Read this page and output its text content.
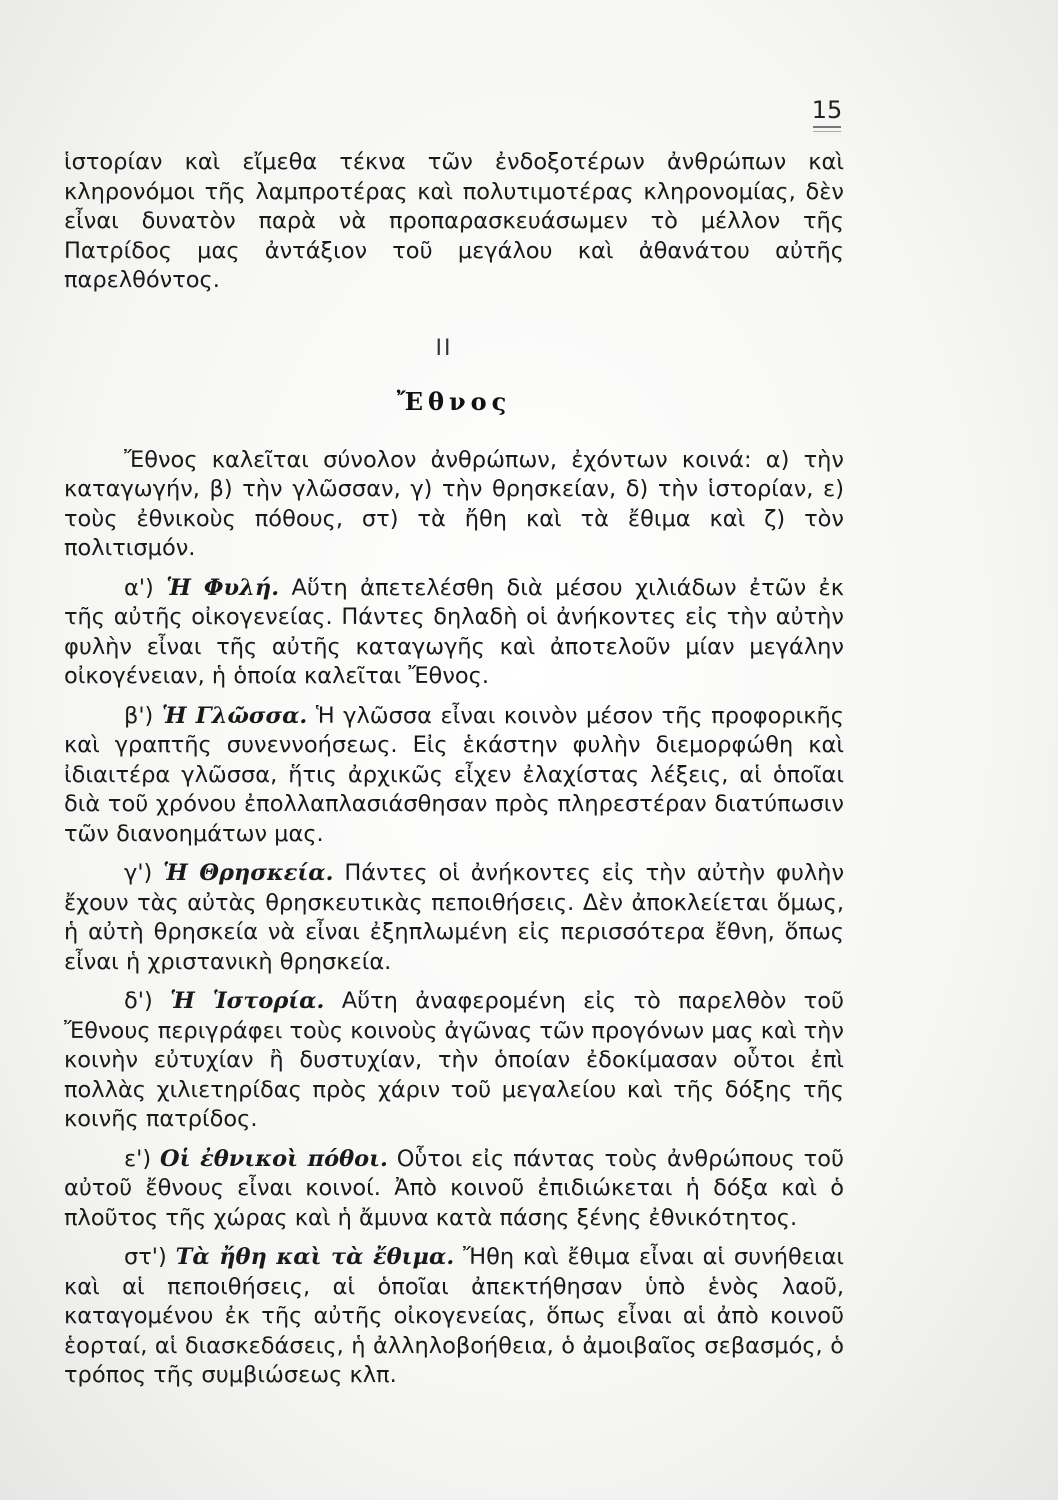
15

ἱστορίαν καὶ εἴμεθα τέκνα τῶν ἐνδοξοτέρων ἀνθρώπων καὶ κληρονόμοι τῆς λαμπροτέρας καὶ πολυτιμοτέρας κληρονομίας, δὲν εἶναι δυνατὸν παρὰ νὰ προπαρασκευάσωμεν τὸ μέλλον τῆς Πατρίδος μας ἀντάξιον τοῦ μεγάλου καὶ ἀθανάτου αὐτῆς παρελθόντος.

II
Ἔθνος

Ἔθνος καλεῖται σύνολον ἀνθρώπων, ἐχόντων κοινά: α) τὴν καταγωγήν, β) τὴν γλῶσσαν, γ) τὴν θρησκείαν, δ) τὴν ἱστορίαν, ε) τοὺς ἐθνικοὺς πόθους, στ) τὰ ἤθη καὶ τὰ ἔθιμα καὶ ζ) τὸν πολιτισμόν.

α') Ἡ Φυλή. Αὕτη ἀπετελέσθη διὰ μέσου χιλιάδων ἐτῶν ἐκ τῆς αὐτῆς οἰκογενείας. Πάντες δηλαδὴ οἱ ἀνήκοντες εἰς τὴν αὐτὴν φυλὴν εἶναι τῆς αὐτῆς καταγωγῆς καὶ ἀποτελοῦν μίαν μεγάλην οἰκογένειαν, ἡ ὁποία καλεῖται Ἔθνος.

β') Ἡ Γλῶσσα. Ἡ γλῶσσα εἶναι κοινὸν μέσον τῆς προφορικῆς καὶ γραπτῆς συνεννοήσεως. Εἰς ἑκάστην φυλὴν διεμορφώθη καὶ ἰδιαιτέρα γλῶσσα, ἥτις ἀρχικῶς εἶχεν ἐλαχίστας λέξεις, αἱ ὁποῖαι διὰ τοῦ χρόνου ἐπολλαπλασιάσθησαν πρὸς πληρεστέραν διατύπωσιν τῶν διανοημάτων μας.

γ') Ἡ Θρησκεία. Πάντες οἱ ἀνήκοντες εἰς τὴν αὐτὴν φυλὴν ἔχουν τὰς αὐτὰς θρησκευτικὰς πεποιθήσεις. Δὲν ἀποκλείεται ὅμως, ἡ αὐτὴ θρησκεία νὰ εἶναι ἐξηπλωμένη εἰς περισσότερα ἔθνη, ὅπως εἶναι ἡ χριστανικὴ θρησκεία.

δ') Ἡ Ἱστορία. Αὕτη ἀναφερομένη εἰς τὸ παρελθὸν τοῦ Ἔθνους περιγράφει τοὺς κοινοὺς ἀγῶνας τῶν προγόνων μας καὶ τὴν κοινὴν εὐτυχίαν ἢ δυστυχίαν, τὴν ὁποίαν ἐδοκίμασαν οὗτοι ἐπὶ πολλὰς χιλιετηρίδας πρὸς χάριν τοῦ μεγαλείου καὶ τῆς δόξης τῆς κοινῆς πατρίδος.

ε') Οἱ ἐθνικοὶ πόθοι. Οὗτοι εἰς πάντας τοὺς ἀνθρώπους τοῦ αὐτοῦ ἔθνους εἶναι κοινοί. Ἀπὸ κοινοῦ ἐπιδιώκεται ἡ δόξα καὶ ὁ πλοῦτος τῆς χώρας καὶ ἡ ἄμυνα κατὰ πάσης ξένης ἐθνικότητος.

στ') Τὰ ἤθη καὶ τὰ ἔθιμα. Ἤθη καὶ ἔθιμα εἶναι αἱ συνήθειαι καὶ αἱ πεποιθήσεις, αἱ ὁποῖαι ἀπεκτήθησαν ὑπὸ ἑνὸς λαοῦ, καταγομένου ἐκ τῆς αὐτῆς οἰκογενείας, ὅπως εἶναι αἱ ἀπὸ κοινοῦ ἑορταί, αἱ διασκεδάσεις, ἡ ἀλληλοβοήθεια, ὁ ἀμοιβαῖος σεβασμός, ὁ τρόπος τῆς συμβιώσεως κλπ.
